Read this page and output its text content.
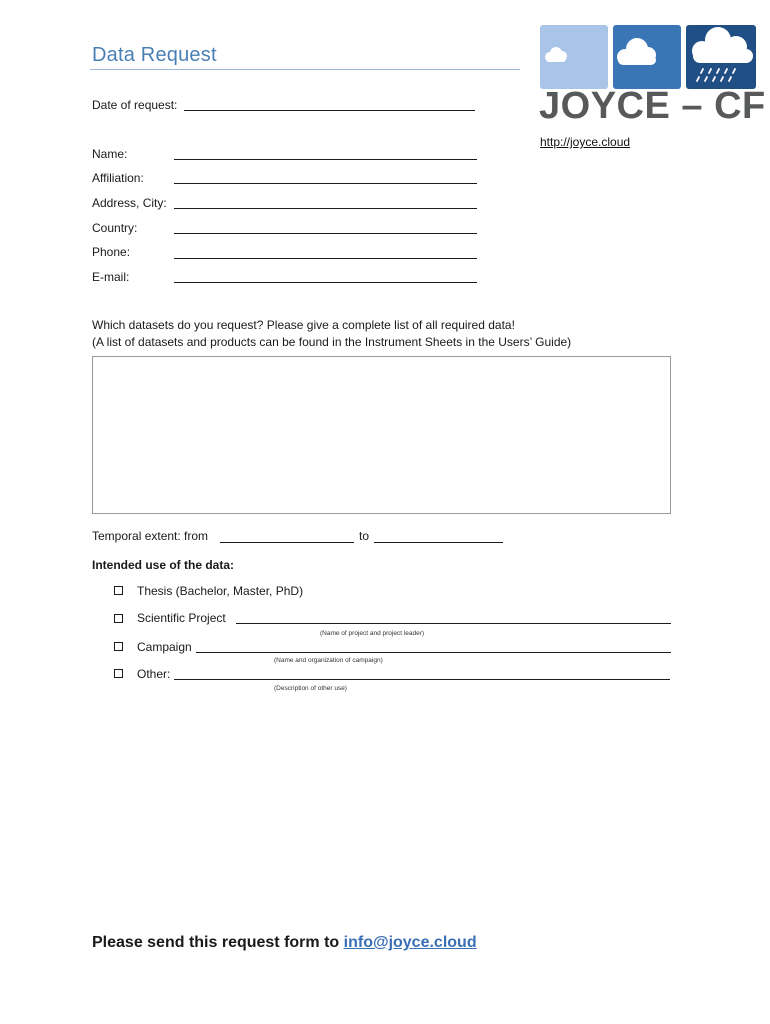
Data Request
JOYCE – CF
http://joyce.cloud
Date of request:
Name:
Affiliation:
Address, City:
Country:
Phone:
E-mail:
Which datasets do you request? Please give a complete list of all required data!
(A list of datasets and products can be found in the Instrument Sheets in the Users’ Guide)
Temporal extent: from	to
Intended use of the data:
Thesis (Bachelor, Master, PhD)
Scientific Project
(Name of project and project leader)
Campaign
(Name and organization of campaign)
Other:
(Description of other use)
Please send this request form to info@joyce.cloud
